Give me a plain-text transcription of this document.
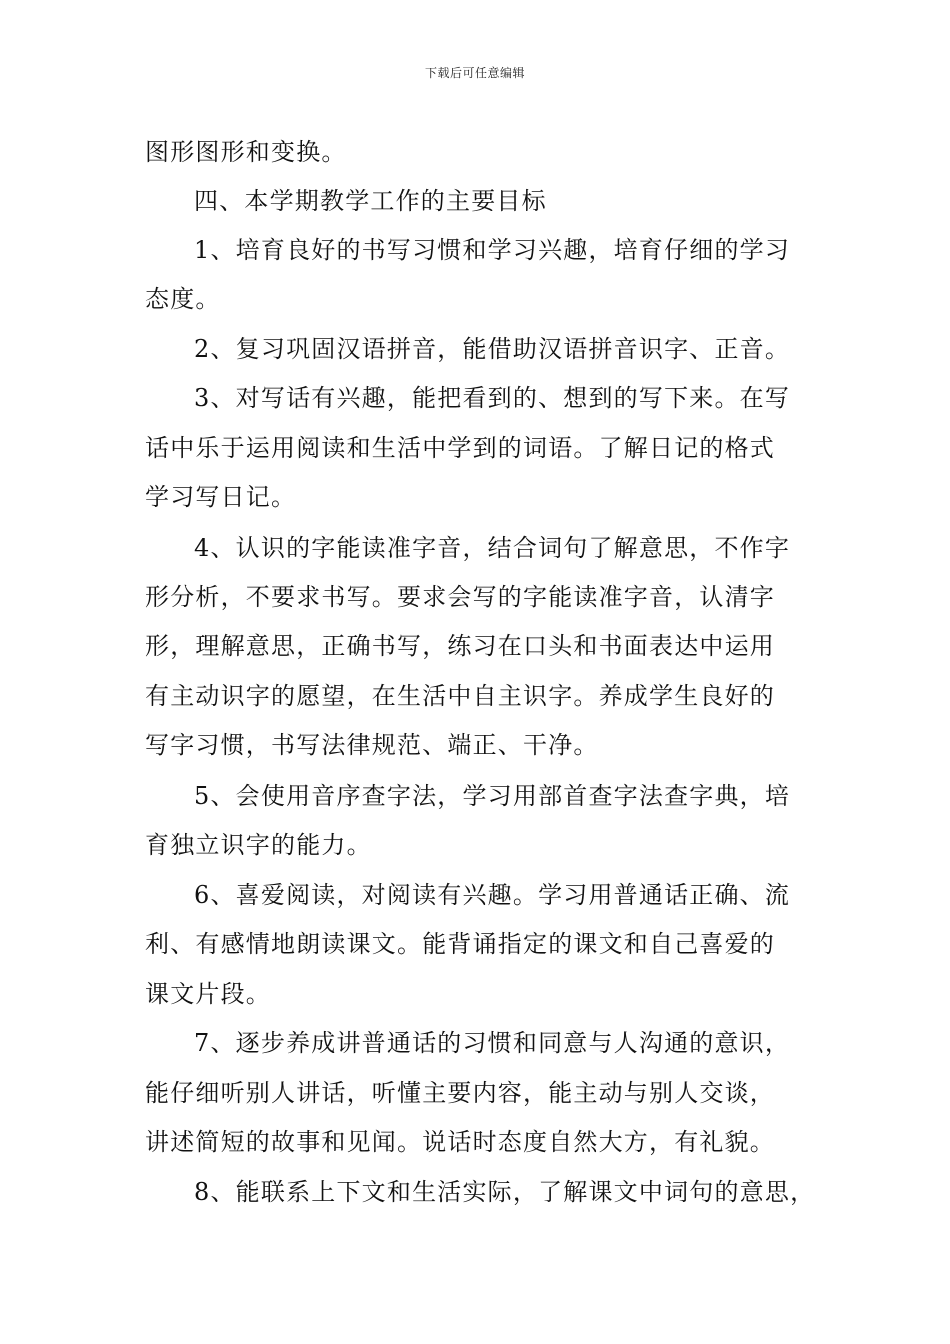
下载后可任意编辑
图形图形和变换。
四、本学期教学工作的主要目标
1、培育良好的书写习惯和学习兴趣，培育仔细的学习
态度。
2、复习巩固汉语拼音，能借助汉语拼音识字、正音。
3、对写话有兴趣，能把看到的、想到的写下来。在写
话中乐于运用阅读和生活中学到的词语。了解日记的格式
学习写日记。
4、认识的字能读准字音，结合词句了解意思，不作字
形分析，不要求书写。要求会写的字能读准字音，认清字
形，理解意思，正确书写，练习在口头和书面表达中运用
有主动识字的愿望，在生活中自主识字。养成学生良好的
写字习惯，书写法律规范、端正、干净。
5、会使用音序查字法，学习用部首查字法查字典，培
育独立识字的能力。
6、喜爱阅读，对阅读有兴趣。学习用普通话正确、流
利、有感情地朗读课文。能背诵指定的课文和自己喜爱的
课文片段。
7、逐步养成讲普通话的习惯和同意与人沟通的意识，
能仔细听别人讲话，听懂主要内容，能主动与别人交谈，
讲述简短的故事和见闻。说话时态度自然大方，有礼貌。
8、能联系上下文和生活实际，了解课文中词句的意思，
